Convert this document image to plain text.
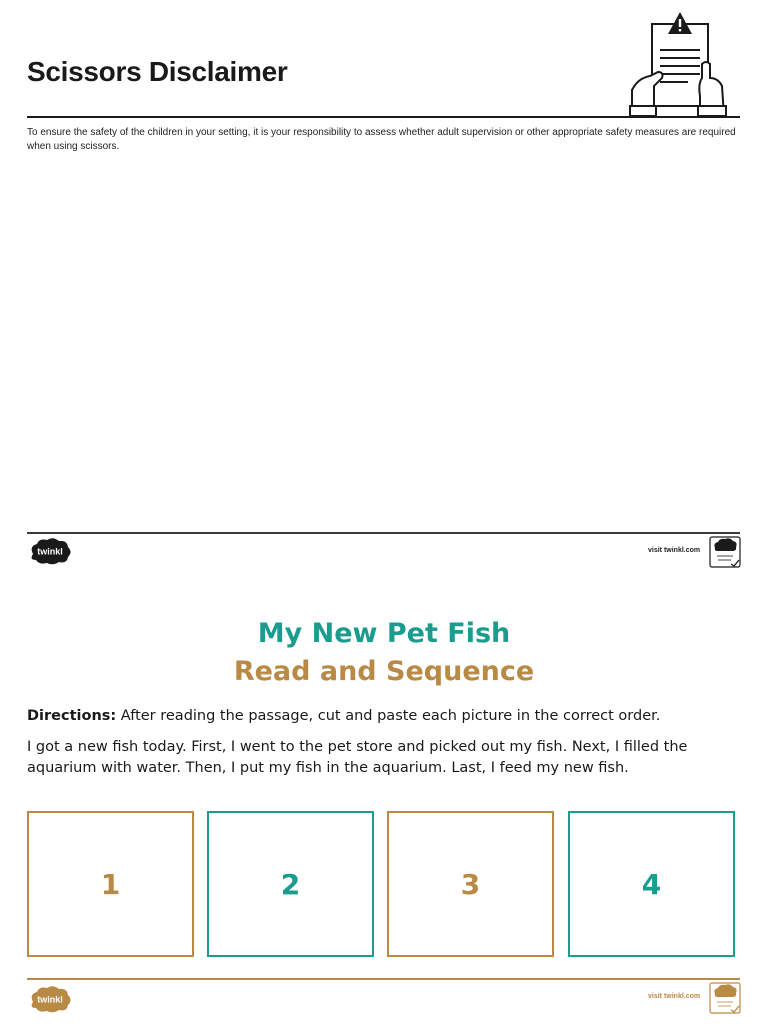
Scissors Disclaimer
To ensure the safety of the children in your setting, it is your responsibility to assess whether adult supervision or other appropriate safety measures are required when using scissors.
twinkl	visit twinkl.com
My New Pet Fish
Read and Sequence
Directions: After reading the passage, cut and paste each picture in the correct order.
I got a new fish today. First, I went to the pet store and picked out my fish. Next, I filled the aquarium with water. Then, I put my fish in the aquarium. Last, I feed my new fish.
1	2	3	4
twinkl	visit twinkl.com
